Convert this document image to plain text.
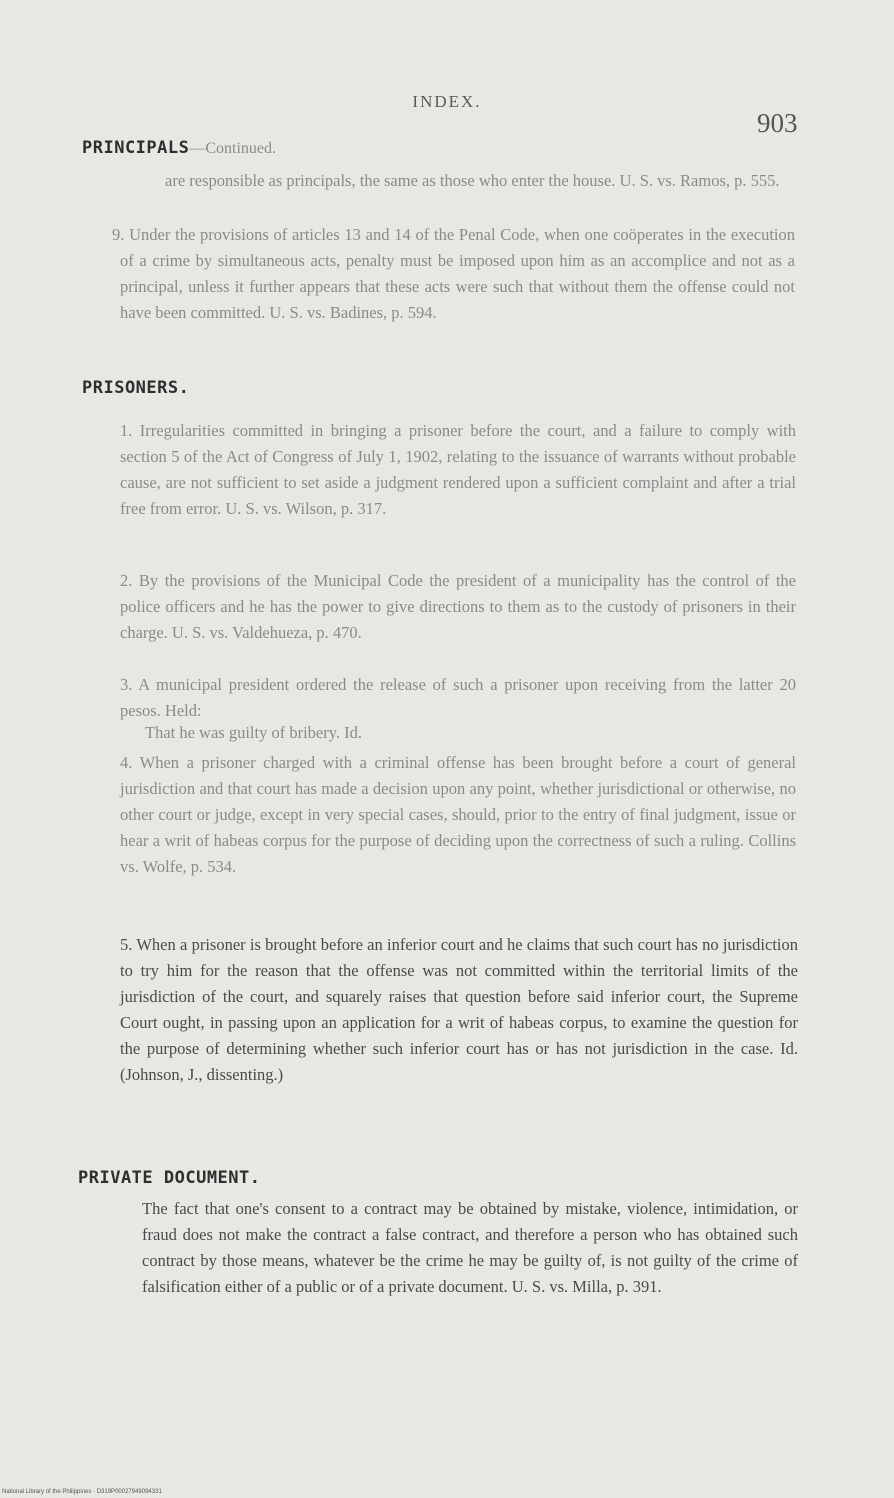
INDEX.
903
PRINCIPALS—Continued.
are responsible as principals, the same as those who enter the house. U. S. vs. Ramos, p. 555.
9. Under the provisions of articles 13 and 14 of the Penal Code, when one coöperates in the execution of a crime by simultaneous acts, penalty must be imposed upon him as an accomplice and not as a principal, unless it further appears that these acts were such that without them the offense could not have been committed. U. S. vs. Badines, p. 594.
PRISONERS.
1. Irregularities committed in bringing a prisoner before the court, and a failure to comply with section 5 of the Act of Congress of July 1, 1902, relating to the issuance of warrants without probable cause, are not sufficient to set aside a judgment rendered upon a sufficient complaint and after a trial free from error. U. S. vs. Wilson, p. 317.
2. By the provisions of the Municipal Code the president of a municipality has the control of the police officers and he has the power to give directions to them as to the custody of prisoners in their charge. U. S. vs. Valdehueza, p. 470.
3. A municipal president ordered the release of such a prisoner upon receiving from the latter 20 pesos. Held:
That he was guilty of bribery. Id.
4. When a prisoner charged with a criminal offense has been brought before a court of general jurisdiction and that court has made a decision upon any point, whether jurisdictional or otherwise, no other court or judge, except in very special cases, should, prior to the entry of final judgment, issue or hear a writ of habeas corpus for the purpose of deciding upon the correctness of such a ruling. Collins vs. Wolfe, p. 534.
5. When a prisoner is brought before an inferior court and he claims that such court has no jurisdiction to try him for the reason that the offense was not committed within the territorial limits of the jurisdiction of the court, and squarely raises that question before said inferior court, the Supreme Court ought, in passing upon an application for a writ of habeas corpus, to examine the question for the purpose of determining whether such inferior court has or has not jurisdiction in the case. Id. (Johnson, J., dissenting.)
PRIVATE DOCUMENT.
The fact that one's consent to a contract may be obtained by mistake, violence, intimidation, or fraud does not make the contract a false contract, and therefore a person who has obtained such contract by those means, whatever be the crime he may be guilty of, is not guilty of the crime of falsification either of a public or of a private document. U. S. vs. Milla, p. 391.
National Library of the Philippines · D319P00027949094331
